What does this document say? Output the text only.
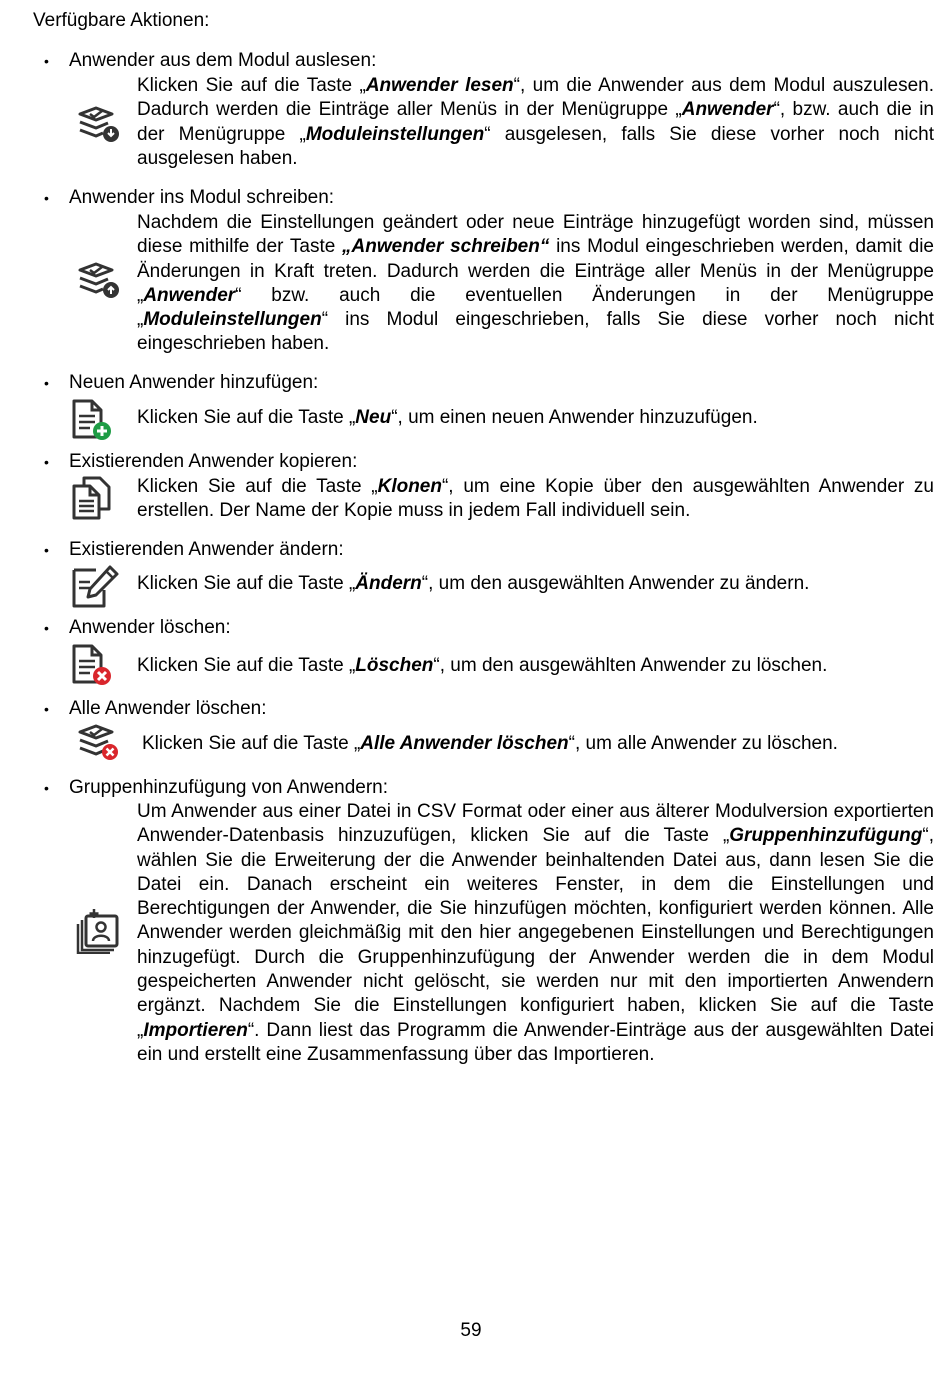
Verfügbare Aktionen:
• Anwender aus dem Modul auslesen:
Klicken Sie auf die Taste „Anwender lesen“, um die Anwender aus dem Modul auszulesen. Dadurch werden die Einträge aller Menüs in der Menügruppe „Anwender“, bzw. auch die in der Menügruppe „Moduleinstellungen“ ausgelesen, falls Sie diese vorher noch nicht ausgelesen haben.
• Anwender ins Modul schreiben:
Nachdem die Einstellungen geändert oder neue Einträge hinzugefügt worden sind, müssen diese mithilfe der Taste „Anwender schreiben“ ins Modul eingeschrieben werden, damit die Änderungen in Kraft treten. Dadurch werden die Einträge aller Menüs in der Menügruppe „Anwender“ bzw. auch die eventuellen Änderungen in der Menügruppe „Moduleinstellungen“ ins Modul eingeschrieben, falls Sie diese vorher noch nicht eingeschrieben haben.
• Neuen Anwender hinzufügen:
Klicken Sie auf die Taste „Neu“, um einen neuen Anwender hinzuzufügen.
• Existierenden Anwender kopieren:
Klicken Sie auf die Taste „Klonen“, um eine Kopie über den ausgewählten Anwender zu erstellen. Der Name der Kopie muss in jedem Fall individuell sein.
• Existierenden Anwender ändern:
Klicken Sie auf die Taste „Ändern“, um den ausgewählten Anwender zu ändern.
• Anwender löschen:
Klicken Sie auf die Taste „Löschen“, um den ausgewählten Anwender zu löschen.
• Alle Anwender löschen:
Klicken Sie auf die Taste „Alle Anwender löschen“, um alle Anwender zu löschen.
• Gruppenhinzufügung von Anwendern:
Um Anwender aus einer Datei in CSV Format oder einer aus älterer Modulversion exportierten Anwender-Datenbasis hinzuzufügen, klicken Sie auf die Taste „Gruppenhinzufügung“, wählen Sie die Erweiterung der die Anwender beinhaltenden Datei aus, dann lesen Sie die Datei ein. Danach erscheint ein weiteres Fenster, in dem die Einstellungen und Berechtigungen der Anwender, die Sie hinzufügen möchten, konfiguriert werden können. Alle Anwender werden gleichmäßig mit den hier angegebenen Einstellungen und Berechtigungen hinzugefügt. Durch die Gruppenhinzufügung der Anwender werden die in dem Modul gespeicherten Anwender nicht gelöscht, sie werden nur mit den importierten Anwendern ergänzt. Nachdem Sie die Einstellungen konfiguriert haben, klicken Sie auf die Taste „Importieren“. Dann liest das Programm die Anwender-Einträge aus der ausgewählten Datei ein und erstellt eine Zusammenfassung über das Importieren.
59
